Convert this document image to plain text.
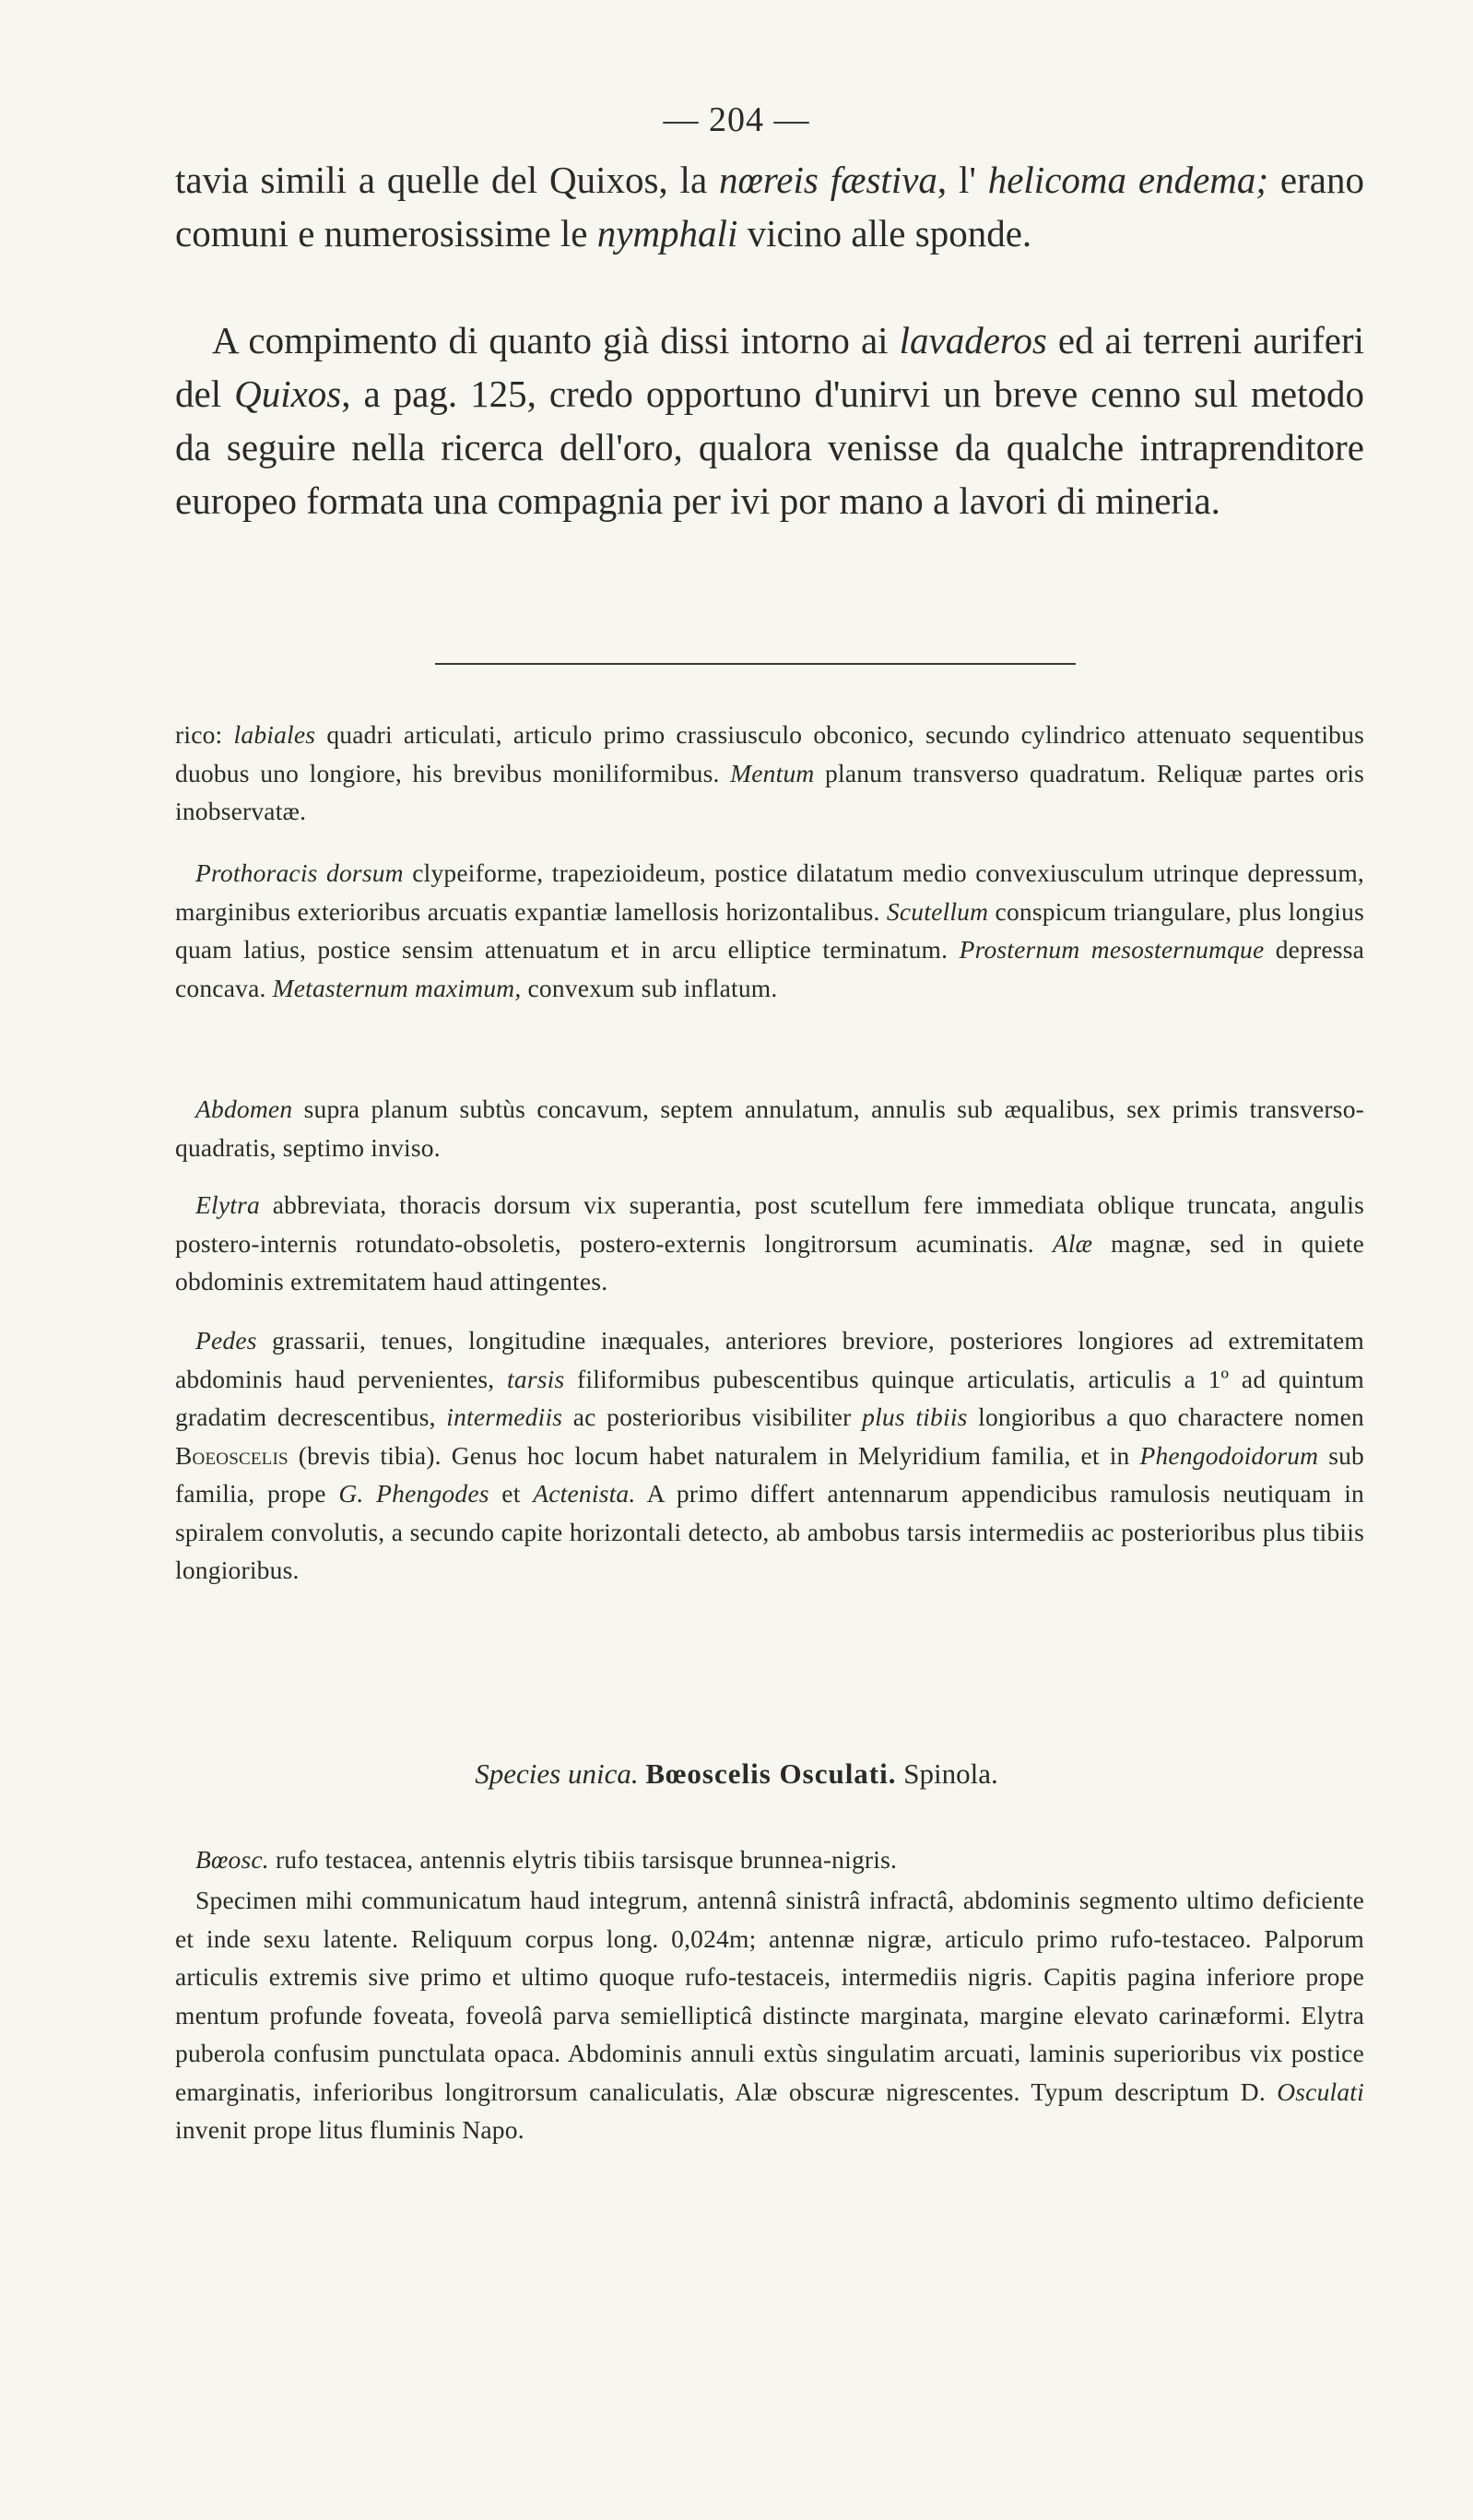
— 204 —

tavia simili a quelle del Quixos, la nœreis fæstiva, l' helicoma endema; erano comuni e numerosissime le nymphali vicino alle sponde.

A compimento di quanto già dissi intorno ai lavaderos ed ai terreni auriferi del Quixos, a pag. 125, credo opportuno d'unirvi un breve cenno sul metodo da seguire nella ricerca dell'oro, qualora venisse da qualche intraprenditore europeo formata una compagnia per ivi por mano a lavori di mineria.

rico: labiales quadri articulati, articulo primo crassiusculo obconico, secundo cylindrico attenuato sequentibus duobus uno longiore, his brevibus moniliformibus. Mentum planum transverso quadratum. Reliquæ partes oris inobservatæ.

Prothoracis dorsum clypeiforme, trapezioideum, postice dilatatum medio convexiusculum utrinque depressum, marginibus exterioribus arcuatis expantiæ lamellosis horizontalibus. Scutellum conspicum triangulare, plus longius quam latius, postice sensim attenuatum et in arcu elliptice terminatum. Prosternum mesosternumque depressa concava. Metasternum maximum, convexum sub inflatum.

Abdomen supra planum subtùs concavum, septem annulatum, annulis sub æqualibus, sex primis transverso-quadratis, septimo inviso.

Elytra abbreviata, thoracis dorsum vix superantia, post scutellum fere immediata oblique truncata, angulis postero-internis rotundato-obsoletis, postero-externis longitrorsum acuminatis. Alæ magnæ, sed in quiete obdominis extremitatem haud attingentes.

Pedes grassarii, tenues, longitudine inæquales, anteriores breviore, posteriores longiores ad extremitatem abdominis haud pervenientes, tarsis filiformibus pubescentibus quinque articulatis, articulis a 1º ad quintum gradatim decrescentibus, intermediis ac posterioribus visibiliter plus tibiis longioribus a quo charactere nomen Boeoscelis (brevis tibia). Genus hoc locum habet naturalem in Melyridium familia, et in Phengodoidorum sub familia, prope G. Phengodes et Actenista. A primo differt antennarum appendicibus ramulosis neutiquam in spiralem convolutis, a secundo capite horizontali detecto, ab ambobus tarsis intermediis ac posterioribus plus tibiis longioribus.

Species unica. Bœoscelis Osculati. Spinola.

Bœosc. rufo testacea, antennis elytris tibiis tarsisque brunnea-nigris.

Specimen mihi communicatum haud integrum, antennâ sinistrâ infractâ, abdominis segmento ultimo deficiente et inde sexu latente. Reliquum corpus long. 0,024m; antennæ nigræ, articulo primo rufo-testaceo. Palporum articulis extremis sive primo et ultimo quoque rufo-testaceis, intermediis nigris. Capitis pagina inferiore prope mentum profunde foveata, foveolâ parva semiellipticâ distincte marginata, margine elevato carinæformi. Elytra puberola confusim punctulata opaca. Abdominis annuli extùs singulatim arcuati, laminis superioribus vix postice emarginatis, inferioribus longitrorsum canaliculatis, Alæ obscuræ nigrescentes. Typum descriptum D. Osculati invenit prope litus fluminis Napo.
